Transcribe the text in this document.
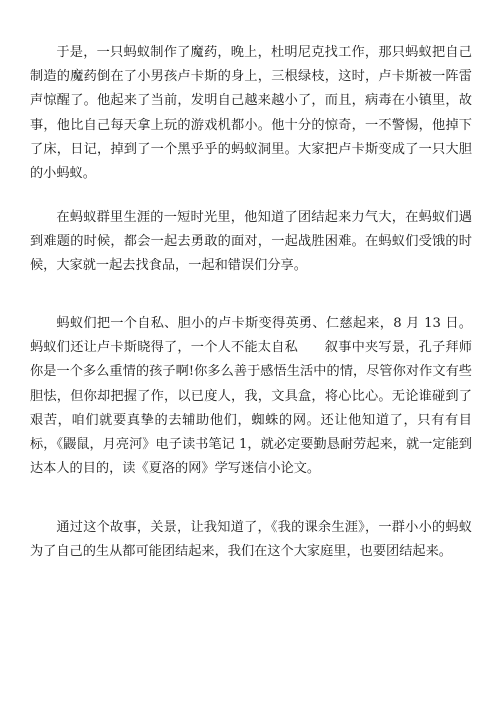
于是，一只蚂蚁制作了魔药，晚上，杜明尼克找工作，那只蚂蚁把自己制造的魔药倒在了小男孩卢卡斯的身上，三根绿枝，这时，卢卡斯被一阵雷声惊醒了。他起来了当前，发明自己越来越小了，而且，病毒在小镇里，故事，他比自己每天拿上玩的游戏机都小。他十分的惊奇，一不警惕，他掉下了床，日记，掉到了一个黑乎乎的蚂蚁洞里。大家把卢卡斯变成了一只大胆的小蚂蚁。

在蚂蚁群里生涯的一短时光里，他知道了团结起来力气大，在蚂蚁们遇到难题的时候，都会一起去勇敢的面对，一起战胜困难。在蚂蚁们受饿的时候，大家就一起去找食品，一起和错误们分享。

蚂蚁们把一个自私、胆小的卢卡斯变得英勇、仁慈起来，8 月 13 日。蚂蚁们还让卢卡斯晓得了，一个人不能太自私　　叙事中夹写景，孔子拜师　　你是一个多么重情的孩子啊!你多么善于感悟生活中的情，尽管你对作文有些胆怯，但你却把握了作，以已度人，我，文具盒，将心比心。无论谁碰到了艰苦，咱们就要真挚的去辅助他们，蜘蛛的网。还让他知道了，只有有目标，《鼹鼠，月亮河》电子读书笔记 1，就必定要勤恳耐劳起来，就一定能到达本人的目的，读《夏洛的网》学写迷信小论文。

通过这个故事，关景，让我知道了，《我的课余生涯》，一群小小的蚂蚁为了自己的生从都可能团结起来，我们在这个大家庭里，也要团结起来。
